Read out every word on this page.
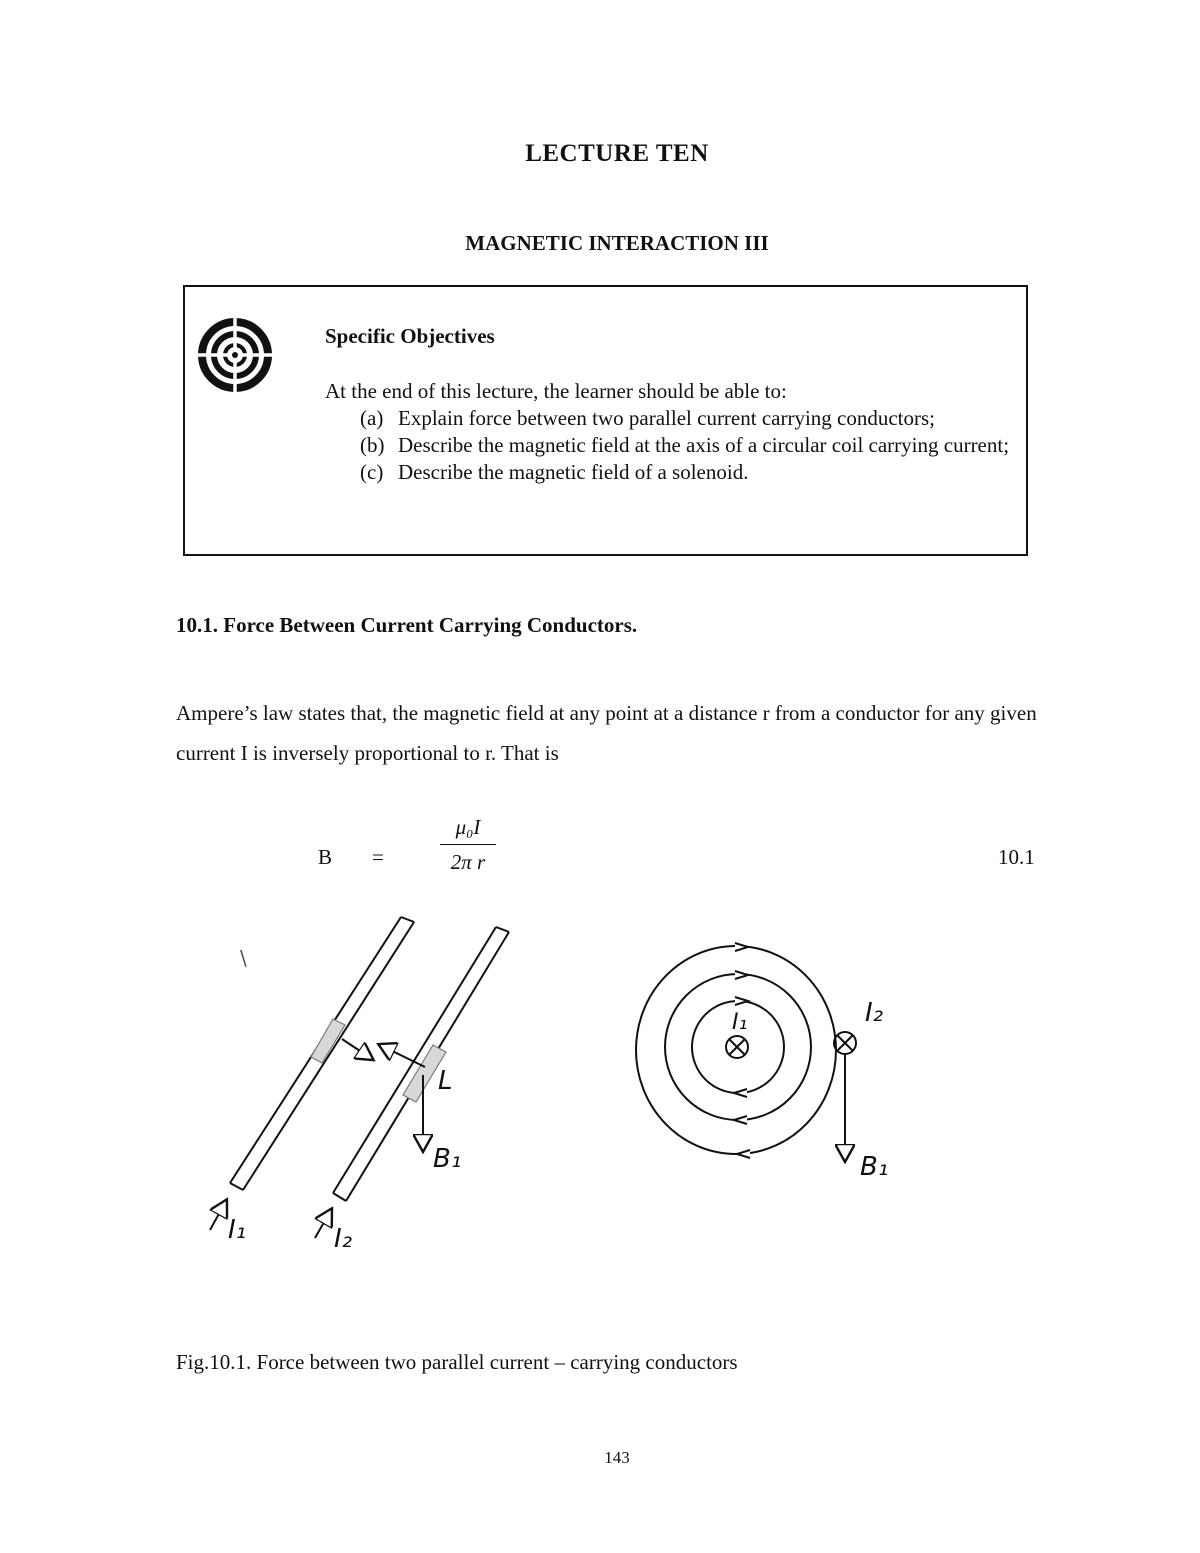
LECTURE TEN
MAGNETIC INTERACTION III
Specific Objectives
At the end of this lecture, the learner should be able to:
(a) Explain force between two parallel current carrying conductors;
(b) Describe the magnetic field at the axis of a circular coil carrying current;
(c) Describe the magnetic field of a solenoid.
10.1. Force Between Current Carrying Conductors.
Ampere’s law states that, the magnetic field at any point at a distance r from a conductor for any given current I is inversely proportional to r. That is
B =
μ₀I
2π r	10.1
I₁	I₂
L
B₁
I₁	I₂
B₁
\
Fig.10.1. Force between two parallel current – carrying conductors
143
